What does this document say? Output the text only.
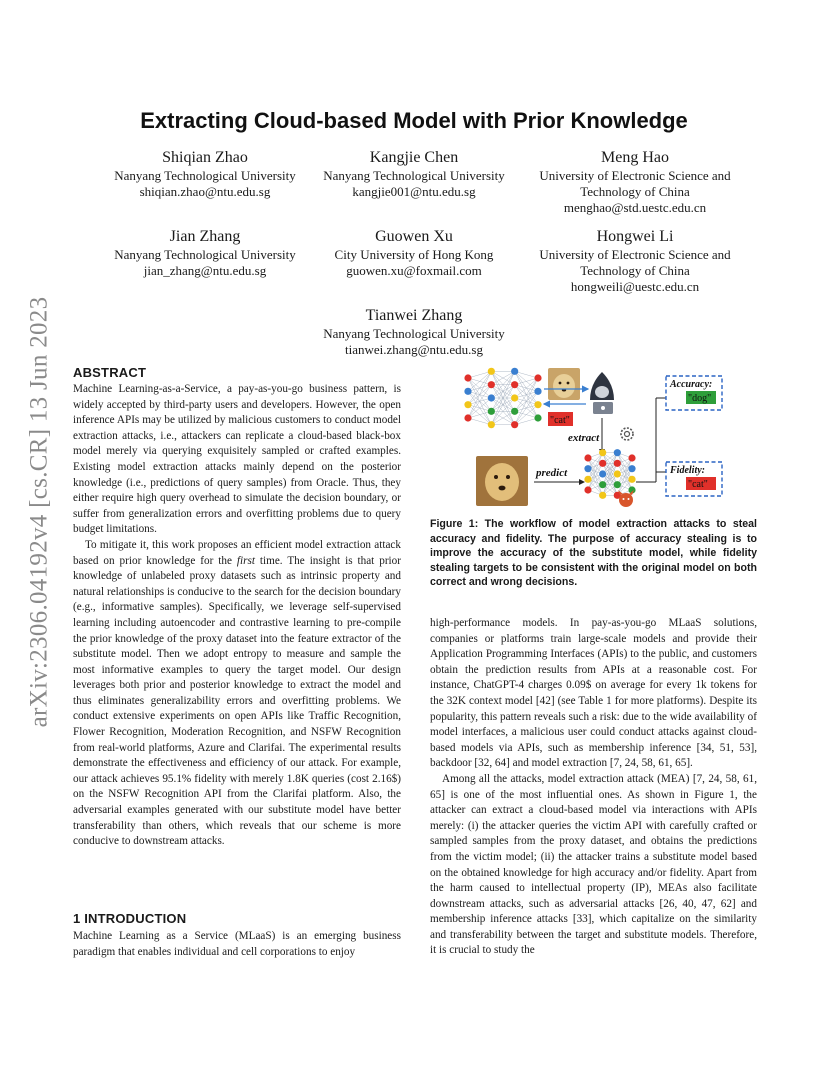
arXiv:2306.04192v4 [cs.CR] 13 Jun 2023
Extracting Cloud-based Model with Prior Knowledge
Shiqian Zhao
Nanyang Technological University
shiqian.zhao@ntu.edu.sg
Kangjie Chen
Nanyang Technological University
kangjie001@ntu.edu.sg
Meng Hao
University of Electronic Science and
Technology of China
menghao@std.uestc.edu.cn
Jian Zhang
Nanyang Technological University
jian_zhang@ntu.edu.sg
Guowen Xu
City University of Hong Kong
guowen.xu@foxmail.com
Hongwei Li
University of Electronic Science and
Technology of China
hongweili@uestc.edu.cn
Tianwei Zhang
Nanyang Technological University
tianwei.zhang@ntu.edu.sg
ABSTRACT

Machine Learning-as-a-Service, a pay-as-you-go business pattern, is widely accepted by third-party users and developers. However, the open inference APIs may be utilized by malicious customers to conduct model extraction attacks, i.e., attackers can replicate a cloud-based black-box model merely via querying exquisitely sampled or crafted examples. Existing model extraction attacks mainly depend on the posterior knowledge (i.e., predictions of query samples) from Oracle. Thus, they either require high query overhead to simulate the decision boundary, or suffer from generalization errors and overfitting problems due to query budget limitations.

To mitigate it, this work proposes an efficient model extraction attack based on prior knowledge for the first time. The insight is that prior knowledge of unlabeled proxy datasets such as intrinsic property and natural relationships is conducive to the search for the decision boundary (e.g., informative samples). Specifically, we leverage self-supervised learning including autoencoder and contrastive learning to pre-compile the prior knowledge of the proxy dataset into the feature extractor of the substitute model. Then we adopt entropy to measure and sample the most informative examples to query the target model. Our design leverages both prior and posterior knowledge to extract the model and thus eliminates generalizability errors and overfitting problems. We conduct extensive experiments on open APIs like Traffic Recognition, Flower Recognition, Moderation Recognition, and NSFW Recognition from real-world platforms, Azure and Clarifai. The experimental results demonstrate the effectiveness and efficiency of our attack. For example, our attack achieves 95.1% fidelity with merely 1.8K queries (cost 2.16$) on the NSFW Recognition API from the Clarifai platform. Also, the adversarial examples generated with our substitute model have better transferability than others, which reveals that our scheme is more conducive to downstream attacks.

1 INTRODUCTION

Machine Learning as a Service (MLaaS) is an emerging business paradigm that enables individual and cell corporations to enjoy

"cat"
extract
predict
Accuracy:
"dog"
Fidelity:
"cat"
Figure 1: The workflow of model extraction attacks to steal accuracy and fidelity. The purpose of accuracy stealing is to improve the accuracy of the substitute model, while fidelity stealing targets to be consistent with the original model on both correct and wrong decisions.

high-performance models. In pay-as-you-go MLaaS solutions, companies or platforms train large-scale models and provide their Application Programming Interfaces (APIs) to the public, and customers obtain the prediction results from APIs at a reasonable cost. For instance, ChatGPT-4 charges 0.09$ on average for every 1k tokens for the 32K context model [42] (see Table 1 for more platforms). Despite its popularity, this pattern reveals such a risk: due to the wide availability of model interfaces, a malicious user could conduct attacks against cloud-based models via APIs, such as membership inference [34, 51, 53], backdoor [32, 64] and model extraction [7, 24, 58, 61, 65].

Among all the attacks, model extraction attack (MEA) [7, 24, 58, 61, 65] is one of the most influential ones. As shown in Figure 1, the attacker can extract a cloud-based model via interactions with APIs merely: (i) the attacker queries the victim API with carefully crafted or sampled samples from the proxy dataset, and obtains the predictions from the victim model; (ii) the attacker trains a substitute model based on the obtained knowledge for high accuracy and/or fidelity. Apart from the harm caused to intellectual property (IP), MEAs also facilitate downstream attacks, such as adversarial attacks [26, 40, 47, 62] and membership inference attacks [33], which capitalize on the similarity and transferability between the target and substitute models. Therefore, it is crucial to study the
